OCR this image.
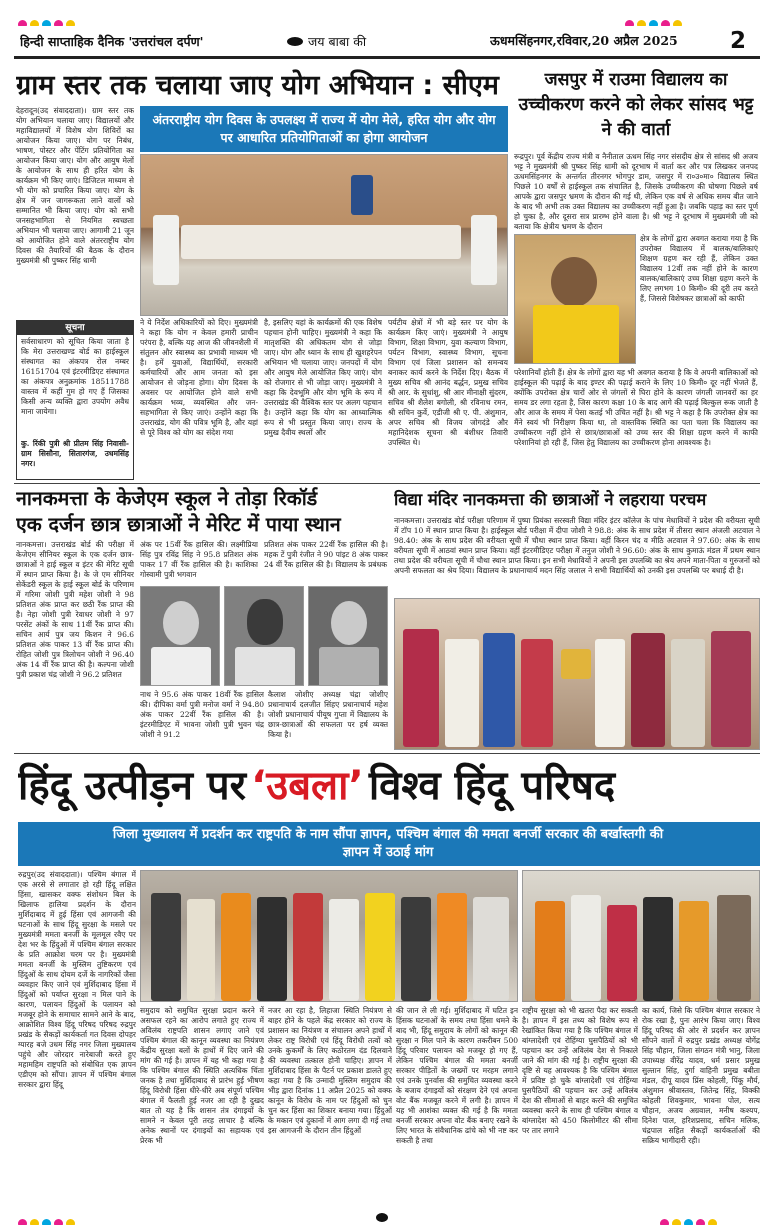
हिन्दी साप्ताहिक दैनिक 'उत्तरांचल दर्पण'	जय बाबा की	ऊधमसिंहनगर,रविवार,20 अप्रैल 2025	2
ग्राम स्तर तक चलाया जाए योग अभियान : सीएम
देहरादून(उद संवाददाता)। ग्राम स्तर तक योग अभियान चलाया जाए। विद्यालयों और महाविद्यालयों में विशेष योग शिविरों का आयोजन किया जाए। योग पर निबंध, भाषण, पोस्टर और पेंटिंग प्रतियोगिता का आयोजन किया जाए। योग और आयुष मेलों के आयोजन के साथ ही हरित योग के कार्यक्रम भी किए जाएं। डिजिटल माध्यम से भी योग को प्रचारित किया जाए। योग के क्षेत्र में जन जागरूकता लाने वालों को सम्मानित भी किया जाए। योग को सभी जनसहभागिता से नियमित स्वच्छता अभियान भी चलाया जाए। आगामी 21 जून को आयोजित होने वाले अंतरराष्ट्रीय योग दिवस की तैयारियों की बैठक के दौरान मुख्यमंत्री श्री पुष्कर सिंह धामी
अंतरराष्ट्रीय योग दिवस के उपलक्ष्य में राज्य में योग मेले, हरित योग और योग पर आधारित प्रतियोगिताओं का होगा आयोजन
ने ये निर्देश अधिकारियों को दिए। मुख्यमंत्री ने कहा कि योग न केवल हमारी प्राचीन परंपरा है, बल्कि यह आज की जीवनशैली में संतुलन और स्वास्थ्य का प्रभावी माध्यम भी है। हमें युवाओं, विद्यार्थियों, सरकारी कर्मचारियों और आम जनता को इस आयोजन से जोड़ना होगा। योग दिवस के अवसर पर आयोजित होने वाले सभी कार्यक्रम भव्य, व्यवस्थित और जन-सहभागिता से किए जाएं। उन्होंने कहा कि उत्तराखंड, योग की पवित्र भूमि है, और यहां से पूरे विश्व को योग का संदेश गया
है, इसलिए यहां के कार्यक्रमों की एक विशेष पहचान होनी चाहिए। मुख्यमंत्री ने कहा कि मातृशक्ति की अधिकतम योग से जोड़ा जाए। योग और ध्यान के साथ ही खुशहरेपन अभियान भी चलाया जाए। जनपदों में योग और आयुष मेले आयोजित किए जाएं। योग को रोजगार से भी जोड़ा जाए। मुख्यमंत्री ने कहा कि देवभूमि और योग भूमि के रूप में उत्तराखंड की वैश्विक स्तर पर अलग पहचान है। उन्होंने कहा कि योग का आध्यात्मिक रूप से भी प्रस्तुत किया जाए। राज्य के प्रमुख दैवीय स्थलों और
पर्यटीय क्षेत्रों में भी बड़े स्तर पर योग के कार्यक्रम किए जाएं। मुख्यमंत्री ने आयुष विभाग, शिक्षा विभाग, युवा कल्याण विभाग, पर्यटन विभाग, स्वास्थ्य विभाग, सूचना विभाग एवं जिला प्रशासन को समन्वय बनाकर कार्य करने के निर्देश दिए। बैठक में मुख्य सचिव श्री आनंद बर्द्धन, प्रमुख सचिव श्री आर. के सुधांशु, श्री आर मीनाक्षी सुंदरम, सचिव श्री शैलेश बगोली, श्री रविनाथ रमन, श्री सचिन कुर्वे, एडीजी श्री ए. पी. अंशुमान, अपर सचिव श्री विजय जोगदंडे और महानिदेशक सूचना श्री बंशीधर तिवारी उपस्थित थे।
सूचना
सर्वसाधारण को सूचित किया जाता है कि मेरा उत्तराखण्ड बोर्ड का हाईस्कूल संस्थागत का अंकपत्र रोल नम्बर 16151704 एवं इंटरमीडिएट संस्थागत का अंकपत्र अनुक्रमांक 18511788 वास्तव में कहीं गुम हो गए हैं जिसका किसी अन्य व्यक्ति द्वारा उपयोग अवैध माना जायेगा।
कु. रिंकी पुत्री श्री प्रीतम सिंह निवासी-ग्राम सिसौना, सितारगंज, उधमसिंह नगर।
जसपुर में राउमा विद्यालय का उच्चीकरण करने को लेकर सांसद भट्ट ने की वार्ता
रूद्रपुर। पूर्व केंद्रीय राज्य मंत्री व नैनीताल ऊधम सिंह नगर संसदीय क्षेत्र से सांसद श्री अजय भट्ट ने मुख्यमंत्री श्री पुष्कर सिंह धामी को दूरभाष में वार्ता कर और पत्र लिखकर जनपद ऊधमसिंहनगर के अन्तर्गत तीरनगर भोगपुर डाम, जसपुर में रा०उ०मा० विद्यालय स्थित पिछले 10 वर्षों से हाईस्कूल तक संचालित है, जिसके उच्चीकरण की घोषणा पिछले वर्ष आपके द्वारा जसपुर भ्रमण के दौरान की गई थी, लेकिन एक वर्ष से अधिक समय बीत जाने के बाद भी अभी तक उक्त विद्यालय का उच्चीकरण नहीं हुआ है। जबकि पहाड़ का स्तर पूर्ण हो चुका है, और दूसरा सत्र प्रारम्भ होने वाला है। श्री भट्ट ने दूरभाष में मुख्यमंत्री जी को बताया कि क्षेत्रीय भ्रमण के दौरान
क्षेत्र के लोगों द्वारा अवगत कराया गया है कि उपरोक्त विद्यालय में बालक/बालिकाएं शिक्षण ग्रहण कर रही हैं, लेकिन उक्त विद्यालय 12वीं तक नहीं होने के कारण बालक/बालिकाएं उच्च शिक्षा ग्रहण करने के लिए लगभग 10 किमी० की दूरी तय करते हैं, जिससे विशेषकर छात्राओं को काफी
परेशानियाँ होती हैं। क्षेत्र के लोगों द्वारा यह भी अवगत कराया है कि वे अपनी बालिकाओं को हाईस्कूल की पढ़ाई के बाद इण्टर की पढ़ाई कराने के लिए 10 किमी० दूर नहीं भेजते हैं, क्योंकि उपरोक्त क्षेत्र चारों ओर से जंगलों से घिरा होने के कारण जंगली जानवरों का हर समय डर लगा रहता है, जिस कारण कक्षा 10 के बाद आगे की पढ़ाई बिल्कुल रूक जाती है और आज के समय में पेसा कतई भी उचित नहीं है। श्री भट्ट ने कहा है कि उपरोक्त क्षेत्र का मैंने स्वयं भी निरीक्षण किया था, तो वास्तविक स्थिति का पता चला कि विद्यालय का उच्चीकरण नहीं होने से छात्र/छात्राओं को उच्च स्तर की शिक्षा ग्रहण करने में काफी परेशानियां हो रही हैं, जिस हेतु विद्यालय का उच्चीकरण होना आवश्यक है।
नानकमत्ता के केजेएम स्कूल ने तोड़ा रिकॉर्ड
एक दर्जन छात्र छात्राओं ने मेरिट में पाया स्थान
नानकमत्ता। उत्तराखंड बोर्ड की परीक्षा में केजेएम सीनियर स्कूल के एक दर्जन छात्र-छात्राओं ने हाई स्कूल व इंटर की मेरिट सूची में स्थान प्राप्त किया है। के जे एम सीनियर सेकेंडरी स्कूल के हाई स्कूल बोर्ड के परिणाम में गरिमा जोशी पुत्री महेश जोशी ने 98 प्रतिशत अंक प्राप्त कर छठी रैंक प्राप्त की है। नेहा जोशी पुत्री रेवाधर जोशी ने 97 परसेंट अंकों के साथ 11वीं रैंक प्राप्त की। सचिन आर्य पुत्र जय किशन ने 96.6 प्रतिशत अंक पाकर 13 वीं रैंक प्राप्त की। रोहित जोशी पुत्र त्रिलोचन जोशी ने 96.40 अंक 14 वीं रैंक प्राप्त की है। कल्पना जोशी पुत्री प्रकाश चंद्र जोशी ने 96.2 प्रतिशत
अंक पर 15वीं रैंक हासिल की। लक्ष्मीप्रिया सिंह पुत्र रविंद्र सिंह ने 95.8 प्रतिशत अंक पाकर 17 वीं रैंक हासिल की है। काशिका गोस्वामी पुत्री भगवान
प्रतिशत अंक पाकर 22वीं रैंक हासिल की है। महक टें पुत्री रंजीत ने 90 पांइट 8 अंक पाकर 24 वीं रैंक हासिल की है। विद्यालय के प्रबंधक
नाथ ने 95.6 अंक पाकर 18वीं रैंक हासिल की। दीपिका वर्मा पुत्री मनोज वर्मा ने 94.80 अंक पाकर 22वीं रैंक हासिल की है। इंटरमीडिएट में भावना जोशी पुत्री भुवन चंद्र जोशी ने 91.2
कैलाश जोशीए अध्यक्ष चंद्रा जोशीए प्रधानाचार्य दलजीत सिंहए प्रधानाचार्य महेश जोशी प्रधानाचार्य पीयूष गुप्ता में विद्यालय के छात्र-छात्राओं की सफलता पर हर्ष व्यक्त किया है।
विद्या मंदिर नानकमत्ता की छात्राओं ने लहराया परचम
नानकमत्ता। उत्तराखंड बोर्ड परीक्षा परिणाम में पुष्पा प्रियंका सरस्वती विद्या मंदिर इंटर कॉलेज के पांच मेधावियों ने प्रदेश की वरीयता सूची में टॉप 10 में स्थान प्राप्त किया है। हाईस्कूल बोर्ड परीक्षा में दीपा जोशी ने 98.8: अंक के साथ प्रदेश में तीसरा स्थान अंजली अटवाल ने 98.40: अंक के साथ प्रदेश की वरीयता सूची में चौथा स्थान प्राप्त किया। वहीं किरन चंद व मीठि अटवाल ने 97.60: अंक के साथ वरीयता सूची में आठवां स्थान प्राप्त किया। वहीं इंटरमीडिएट परीक्षा में तनुज जोशी ने 96.60: अंक के साथ कुमाऊं मंडल में प्रथम स्थान तथा प्रदेश की वरीयता सूची में चौथा स्थान प्राप्त किया। इन सभी मेधावियों ने अपनी इस उपलब्धि का श्रेय अपने माता-पिता व गुरुजनों को अपनी सफलता का श्रेय दिया। विद्यालय के प्रधानाचार्य मदन सिंह जलाल ने सभी विद्यार्थियों को उनकी इस उपलब्धि पर बधाई दी है।
हिंदू उत्पीड़न पर ‘उबला’ विश्व हिंदू परिषद
जिला मुख्यालय में प्रदर्शन कर राष्ट्रपति के नाम सौंपा ज्ञापन, पश्चिम बंगाल की ममता बनर्जी सरकार की बर्खास्तगी की ज्ञापन में उठाई मांग
रुद्रपुर(उद संवाददाता)। पश्चिम बंगाल में एक अरसे से लगातार हो रही हिंदू लक्षित हिंसा, खासकर वक्फ संशोधन बिल के खिलाफ हालिया प्रदर्शन के दौरान मुर्शिदाबाद में हुई हिंसा एवं आगजनी की घटनाओं के साथ हिंदू सुरक्षा के मसले पर मुख्यमंत्री ममता बनर्जी के मूलमूल रवैए पर देश भर के हिंदुओं में पश्चिम बंगाल सरकार के प्रति आक्रोश चरम पर है। मुख्यमंत्री ममता बनर्जी के मुस्लिम तुष्टिकरण एवं हिंदुओं के साथ दोयम दर्जे के नागरिकों जैसा व्यवहार किए जाने एवं मुर्शिदाबाद हिंसा में हिंदुओं को पर्याप्त सुरक्षा न मिल पाने के कारण, पलायन हिंदुओं के पलायन को मजबूर होने के समाचार सामने आने के बाद, आक्रोशित विश्व हिंदू परिषद परिषद रुद्रपुर प्रखंड के सैकड़ों कार्यकर्ता गत दिवस दोपहर ग्यारह बजे उधम सिंह नगर जिला मुख्यालय पहुंचे और जोरदार नारेबाजी करते हुए महामहिम राष्ट्रपति को संबोधित एक ज्ञापन एडीएम को सौंपा। ज्ञापन में पश्चिम बंगाल सरकार द्वारा हिंदू
समुदाय को समुचित सुरक्षा प्रदान करने में असफल रहने का आरोप लगाते हुए राज्य में अविलंब राष्ट्रपति शासन लगाए जाने एवं पश्चिम बंगाल की कानून व्यवस्था का नियंत्रण केंद्रीय सुरक्षा बलों के हाथों में दिए जाने की मांग की गई है। ज्ञापन में यह भी कहा गया है कि पश्चिम बंगाल की स्थिति अत्यधिक चिंता जनक है तथा मुर्शिदाबाद से प्रारंभ हुई भीषण हिंदू विरोधी हिंसा धीरे-धीरे अब संपूर्ण पश्चिम बंगाल में फैलती हुई नजर आ रही है दुखद बात तो यह है कि शासन तंत्र दंगाइयों के सामने न केवल पूरी तरह लाचार है बल्कि अनेक स्थानों पर दंगाइयों का सहायक एवं प्रेरक भी
नजर आ रहा है, लिहाजा स्थिति नियंत्रण से बाहर होने के पहले केंद्र सरकार को राज्य के प्रशासन का नियंत्रण व संचालन अपने हाथों में लेकर राष्ट्र विरोधी एवं हिंदू विरोधी तत्वों को उनके कुकर्मों के लिए कठोरतम दंड दिलवाने की व्यवस्था तत्काल होनी चाहिए। ज्ञापन में मुर्शिदाबाद हिंसा के पैटर्न पर प्रकाश डालते हुए कहा गया है कि उन्मादी मुस्लिम समुदाय की भीड़ द्वारा दिनांक 11 अप्रैल 2025 को वक्फ कानून के विरोध के नाम पर हिंदुओं को चुन चुन कर हिंसा का शिकार बनाया गया। हिंदुओं के मकान एवं दुकानों में आग लगा दी गई तथा इस आगजनी के दौरान तीन हिंदुओं
की जान ले ली गई। मुर्शिदाबाद में घटित इन हिंसक घटनाओं के समय तथा हिंसा थमने के बाद भी, हिंदू समुदाय के लोगों को कानून की सुरक्षा न मिल पाने के कारण तकरीबन 500 हिंदू परिवार पलायन को मजबूर हो गए हैं, लेकिन पश्चिम बंगाल की ममता बनर्जी सरकार पीड़ितों के जख्मों पर मरहम लगाने एवं उनके पुनर्वास की समुचित व्यवस्था करने के बजाय दंगाइयों को संरक्षण देने एवं अपना वोट बैंक मजबूत करने में लगी है। ज्ञापन में यह भी आशंका व्यक्त की गई है कि ममता बनर्जी सरकार अपना वोट बैंक बनाए रखने के लिए भारत के संवैधानिक ढांचे को भी नष्ट कर सकती है तथा
राष्ट्रीय सुरक्षा को भी खतरा पैदा कर सकती है। ज्ञापन में इस तथ्य को विशेष रूप से रेखांकित किया गया है कि पश्चिम बंगाल में बांग्लादेशी एवं रोहिंग्या घुसपैठियों को भी पहचान कर उन्हें अविलंब देश से निकाले जाने की मांग की गई है। राष्ट्रीय सुरक्षा की दृष्टि से यह आवश्यक है कि पश्चिम बंगाल में प्रविष्ट हो चुके बांग्लादेशी एवं रोहिंग्या घुसपैठियों की पहचान कर उन्हें अविलंब देश की सीमाओं से बाहर करने की समुचित व्यवस्था करने के साथ ही पश्चिम बंगाल व बांग्लादेश को 450 किलोमीटर की सीमा पर तार लगाने
का कार्य, जिसे कि पश्चिम बंगाल सरकार ने रोक रखा है, पुनः आरंभ किया जाए। विश्व हिंदू परिषद की ओर से प्रदर्शन कर ज्ञापन सौंपने वालों में रुद्रपुर प्रखंड अध्यक्ष योगेंद्र सिंह चौहान, जिला संगठन मंत्री भानु, जिला उपाध्यक्ष वीरेंद्र यादव, धर्म प्रसार प्रमुख सुल्तान सिंह, दुर्गा वाहिनी प्रमुख बबीता मंडल, दीपू यादव प्रिंस कोहली, पिंकू मौर्य, अंशुमान श्रीवास्तव, जितेन्द्र सिंह, विक्की कोहली शिवकुमार, भावना पोल, सत्य चौहान, अजय अग्रवाल, मनीष कश्यप, दिनेश पाल, हरिशप्रसाद, सचिन मलिक, चंद्रपाल सहित सैकड़ों कार्यकर्ताओं की सक्रिय भागीदारी रही।
